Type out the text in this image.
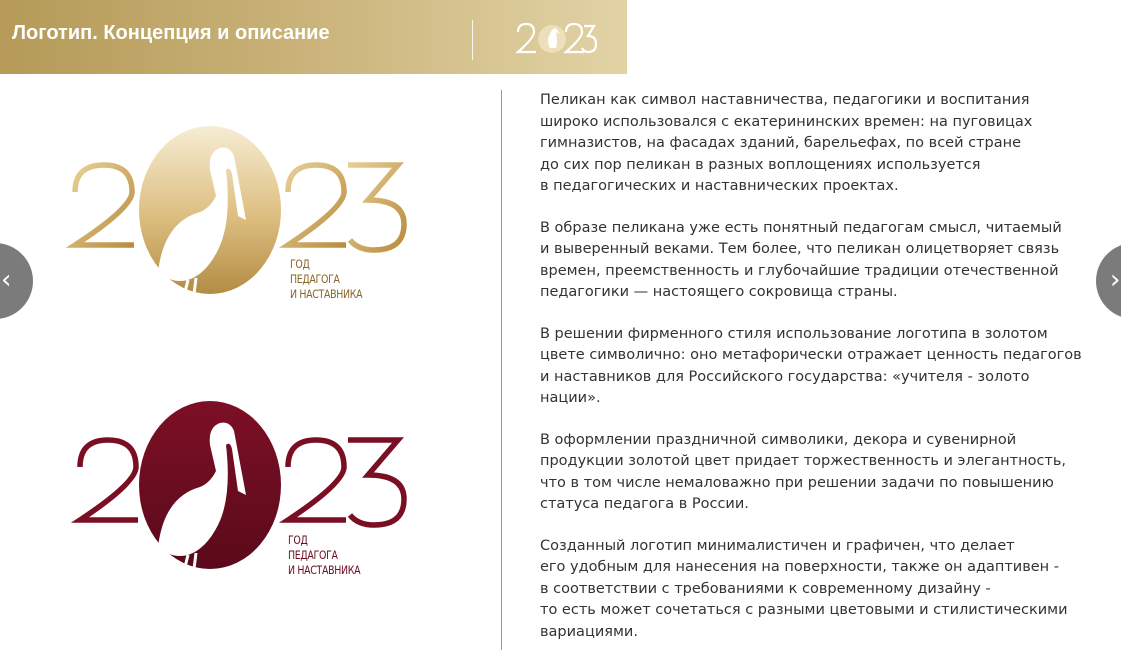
Логотип. Концепция и описание
ГОД
ПЕДАГОГА
И НАСТАВНИКА
ГОД
ПЕДАГОГА
И НАСТАВНИКА
‹	›

Пеликан как символ наставничества, педагогики и воспитания
широко использовался с екатерининских времен: на пуговицах
гимназистов, на фасадах зданий, барельефах, по всей стране
до сих пор пеликан в разных воплощениях используется
в педагогических и наставнических проектах.

В образе пеликана уже есть понятный педагогам смысл, читаемый
и выверенный веками. Тем более, что пеликан олицетворяет связь
времен, преемственность и глубочайшие традиции отечественной
педагогики — настоящего сокровища страны.

В решении фирменного стиля использование логотипа в золотом
цвете символично: оно метафорически отражает ценность педагогов
и наставников для Российского государства: «учителя - золото
нации».

В оформлении праздничной символики, декора и сувенирной
продукции золотой цвет придает торжественность и элегантность,
что в том числе немаловажно при решении задачи по повышению
статуса педагога в России.

Созданный логотип минималистичен и графичен, что делает
его удобным для нанесения на поверхности, также он адаптивен -
в соответствии с требованиями к современному дизайну -
то есть может сочетаться с разными цветовыми и стилистическими
вариациями.
